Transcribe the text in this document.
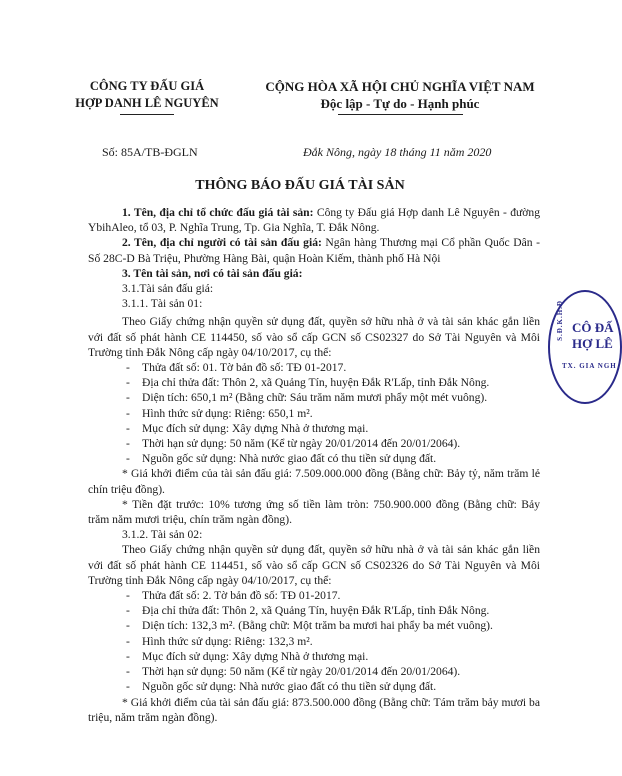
CÔNG TY ĐẤU GIÁ
HỢP DANH LÊ NGUYÊN
CỘNG HÒA XÃ HỘI CHỦ NGHĨA VIỆT NAM
Độc lập - Tự do - Hạnh phúc
Số: 85A/TB-ĐGLN	Đắk Nông, ngày 18 tháng 11 năm 2020
THÔNG BÁO ĐẤU GIÁ TÀI SẢN

1. Tên, địa chỉ tổ chức đấu giá tài sản: Công ty Đấu giá Hợp danh Lê Nguyên - đường YbihAleo, tổ 03, P. Nghĩa Trung, Tp. Gia Nghĩa, T. Đắk Nông.

2. Tên, địa chỉ người có tài sản đấu giá: Ngân hàng Thương mại Cổ phần Quốc Dân - Số 28C-D Bà Triệu, Phường Hàng Bài, quận Hoàn Kiếm, thành phố Hà Nội

3. Tên tài sản, nơi có tài sản đấu giá:

3.1.Tài sản đấu giá:

3.1.1. Tài sản 01:

Theo Giấy chứng nhận quyền sử dụng đất, quyền sở hữu nhà ở và tài sản khác gắn liền với đất số phát hành CE 114450, số vào sổ cấp GCN số CS02327 do Sở Tài Nguyên và Môi Trường tỉnh Đắk Nông cấp ngày 04/10/2017, cụ thể:

- Thửa đất số: 01. Tờ bản đồ số: TĐ 01-2017.

- Địa chỉ thửa đất: Thôn 2, xã Quảng Tín, huyện Đắk R'Lấp, tỉnh Đắk Nông.

- Diện tích: 650,1 m² (Bằng chữ: Sáu trăm năm mươi phẩy một mét vuông).

- Hình thức sử dụng: Riêng: 650,1 m².

- Mục đích sử dụng: Xây dựng Nhà ở thương mại.

- Thời hạn sử dụng: 50 năm (Kể từ ngày 20/01/2014 đến 20/01/2064).

- Nguồn gốc sử dụng: Nhà nước giao đất có thu tiền sử dụng đất.

* Giá khởi điểm của tài sản đấu giá: 7.509.000.000 đồng (Bằng chữ: Bảy tỷ, năm trăm lẻ chín triệu đồng).

* Tiền đặt trước: 10% tương ứng số tiền làm tròn: 750.900.000 đồng (Bằng chữ: Bảy trăm năm mươi triệu, chín trăm ngàn đồng).

3.1.2. Tài sản 02:

Theo Giấy chứng nhận quyền sử dụng đất, quyền sở hữu nhà ở và tài sản khác gắn liền với đất số phát hành CE 114451, số vào sổ cấp GCN số CS02326 do Sở Tài Nguyên và Môi Trường tỉnh Đắk Nông cấp ngày 04/10/2017, cụ thể:

- Thửa đất số: 2. Tờ bản đồ số: TĐ 01-2017.

- Địa chỉ thửa đất: Thôn 2, xã Quảng Tín, huyện Đắk R'Lấp, tỉnh Đắk Nông.

- Diện tích: 132,3 m². (Bằng chữ: Một trăm ba mươi hai phẩy ba mét vuông).

- Hình thức sử dụng: Riêng: 132,3 m².

- Mục đích sử dụng: Xây dựng Nhà ở thương mại.

- Thời hạn sử dụng: 50 năm (Kể từ ngày 20/01/2014 đến 20/01/2064).

- Nguồn gốc sử dụng: Nhà nước giao đất có thu tiền sử dụng đất.

* Giá khởi điểm của tài sản đấu giá: 873.500.000 đồng (Bằng chữ: Tám trăm bảy mươi ba triệu, năm trăm ngàn đồng).

S.Đ.K.H.Đ CÔ ĐẤ HỢ LÊ
TX. GIA NGH
